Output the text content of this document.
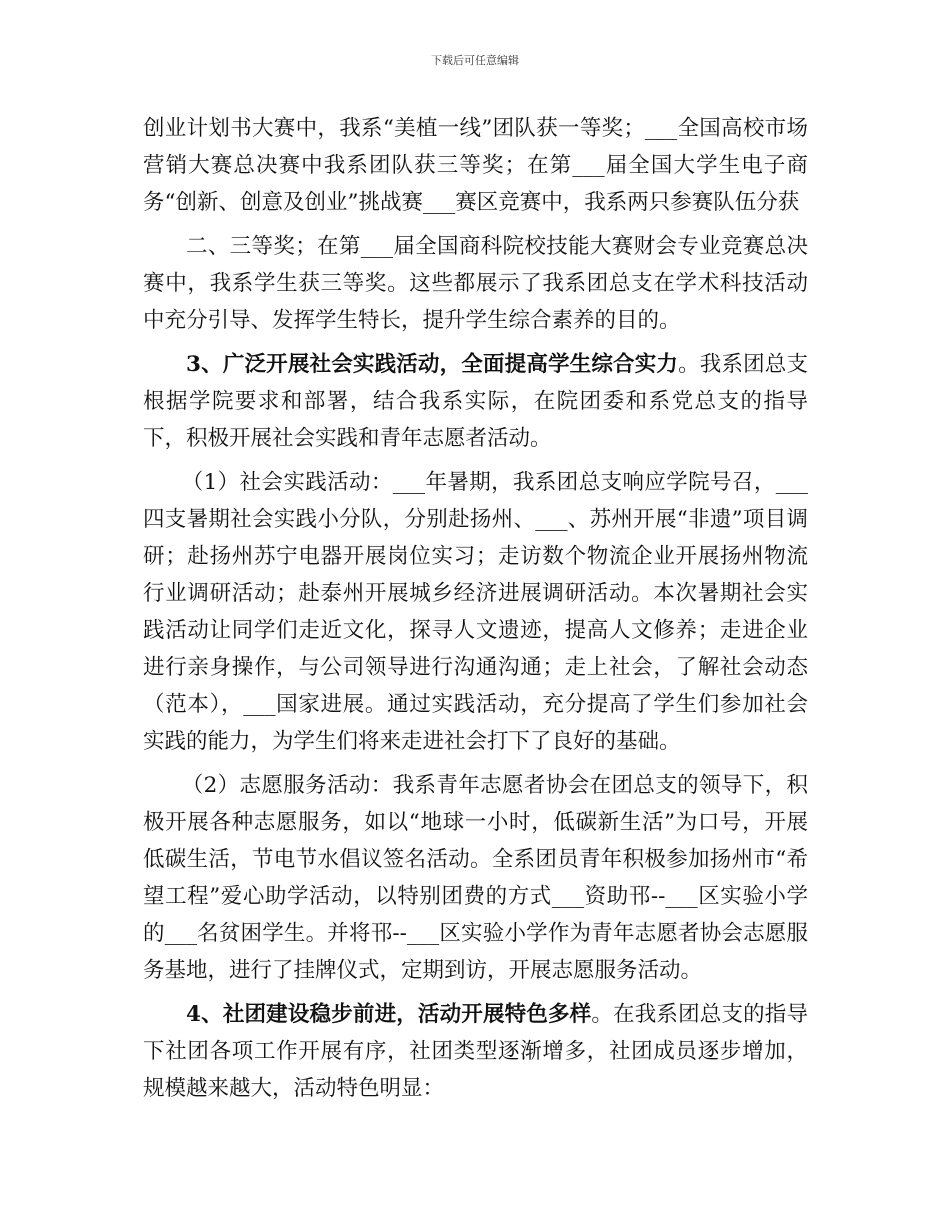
下载后可任意编辑

创业计划书大赛中，我系“美植一线”团队获一等奖；___全国高校市场营销大赛总决赛中我系团队获三等奖；在第___届全国大学生电子商务“创新、创意及创业”挑战赛___赛区竞赛中，我系两只参赛队伍分获

二、三等奖；在第___届全国商科院校技能大赛财会专业竞赛总决赛中，我系学生获三等奖。这些都展示了我系团总支在学术科技活动中充分引导、发挥学生特长，提升学生综合素养的目的。

3、广泛开展社会实践活动，全面提高学生综合实力。我系团总支根据学院要求和部署，结合我系实际，在院团委和系党总支的指导下，积极开展社会实践和青年志愿者活动。

（1）社会实践活动：___年暑期，我系团总支响应学院号召，___四支暑期社会实践小分队，分别赴扬州、___、苏州开展“非遗”项目调研；赴扬州苏宁电器开展岗位实习；走访数个物流企业开展扬州物流行业调研活动；赴泰州开展城乡经济进展调研活动。本次暑期社会实践活动让同学们走近文化，探寻人文遗迹，提高人文修养；走进企业进行亲身操作，与公司领导进行沟通沟通；走上社会，了解社会动态（范本），___国家进展。通过实践活动，充分提高了学生们参加社会实践的能力，为学生们将来走进社会打下了良好的基础。

（2）志愿服务活动：我系青年志愿者协会在团总支的领导下，积极开展各种志愿服务，如以“地球一小时，低碳新生活”为口号，开展低碳生活，节电节水倡议签名活动。全系团员青年积极参加扬州市“希望工程”爱心助学活动，以特别团费的方式___资助邗--___区实验小学的___名贫困学生。并将邗--___区实验小学作为青年志愿者协会志愿服务基地，进行了挂牌仪式，定期到访，开展志愿服务活动。

4、社团建设稳步前进，活动开展特色多样。在我系团总支的指导下社团各项工作开展有序，社团类型逐渐增多，社团成员逐步增加，规模越来越大，活动特色明显：
